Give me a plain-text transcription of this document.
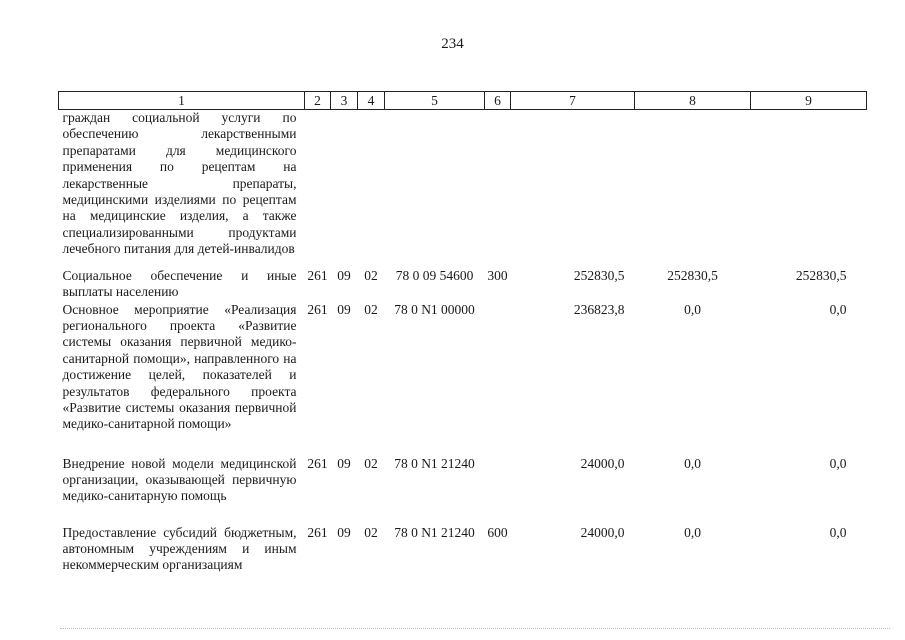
234
1	2	3	4	5	6	7	8	9
граждан социальной услуги по обеспечению лекарственными препаратами для медицинского применения по рецептам на лекарственные препараты, медицинскими изделиями по рецептам на медицинские изделия, а также специализированными продуктами лечебного питания для детей-инвалидов								
Социальное обеспечение и иные выплаты населению	261	09	02	78 0 09 54600	300	252830,5	252830,5	252830,5
Основное мероприятие «Реализация регионального проекта «Развитие системы оказания первичной медико-санитарной помощи», направленного на достижение целей, показателей и результатов федерального проекта «Развитие системы оказания первичной медико-санитарной помощи»	261	09	02	78 0 N1 00000		236823,8	0,0	0,0
Внедрение новой модели медицинской организации, оказывающей первичную медико-санитарную помощь	261	09	02	78 0 N1 21240		24000,0	0,0	0,0
Предоставление субсидий бюджетным, автономным учреждениям и иным некоммерческим организациям	261	09	02	78 0 N1 21240	600	24000,0	0,0	0,0
